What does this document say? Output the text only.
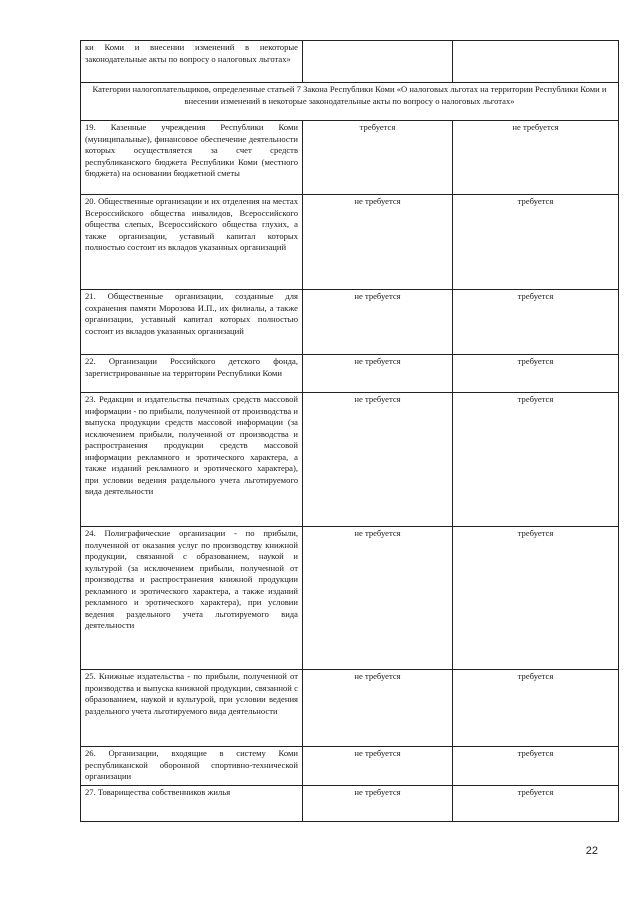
ки Коми и внесении изменений в некоторые законодательные акты по вопросу о налоговых льготах»		
Категории налогоплательщиков, определенные статьей 7 Закона Республики Коми «О налоговых льготах на территории Республики Коми и внесении изменений в некоторые законодательные акты по вопросу о налоговых льготах»		
19. Казенные учреждения Республики Коми (муниципальные), финансовое обеспечение деятельности которых осуществляется за счет средств республиканского бюджета Республики Коми (местного бюджета) на основании бюджетной сметы	требуется	не требуется
20. Общественные организации и их отделения на местах Всероссийского общества инвалидов, Всероссийского общества слепых, Всероссийского общества глухих, а также организации, уставный капитал которых полностью состоит из вкладов указанных организаций	не требуется	требуется
21. Общественные организации, созданные для сохранения памяти Морозова И.П., их филиалы, а также организации, уставный капитал которых полностью состоит из вкладов указанных организаций	не требуется	требуется
22. Организации Российского детского фонда, зарегистрированные на территории Республики Коми	не требуется	требуется
23. Редакции и издательства печатных средств массовой информации - по прибыли, полученной от производства и выпуска продукции средств массовой информации (за исключением прибыли, полученной от производства и распространения продукции средств массовой информации рекламного и эротического характера, а также изданий рекламного и эротического характера), при условии ведения раздельного учета льготируемого вида деятельности	не требуется	требуется
24. Полиграфические организации - по прибыли, полученной от оказания услуг по производству книжной продукции, связанной с образованием, наукой и культурой (за исключением прибыли, полученной от производства и распространения книжной продукции рекламного и эротического характера, а также изданий рекламного и эротического характера), при условии ведения раздельного учета льготируемого вида деятельности	не требуется	требуется
25. Книжные издательства - по прибыли, полученной от производства и выпуска книжной продукции, связанной с образованием, наукой и культурой, при условии ведения раздельного учета льготируемого вида деятельности	не требуется	требуется
26. Организации, входящие в систему Коми республиканской оборонной спортивно-технической организации	не требуется	требуется
27. Товарищества собственников жилья	не требуется	требуется
22
